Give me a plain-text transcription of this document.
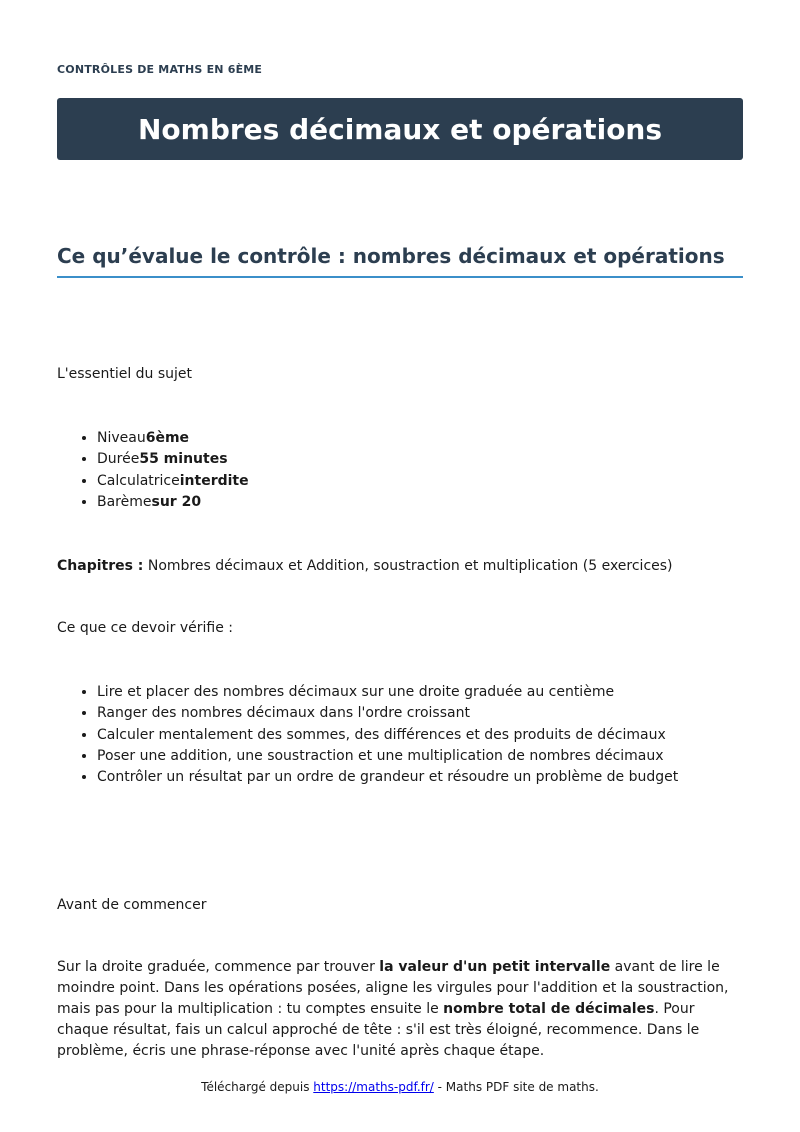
CONTRÔLES DE MATHS EN 6ÈME
Nombres décimaux et opérations
Ce qu’évalue le contrôle : nombres décimaux et opérations

L'essentiel du sujet

• Niveau6ème
• Durée55 minutes
• Calculatriceinterdite
• Barèmesur 20

Chapitres : Nombres décimaux et Addition, soustraction et multiplication (5 exercices)

Ce que ce devoir vérifie :

• Lire et placer des nombres décimaux sur une droite graduée au centième
• Ranger des nombres décimaux dans l'ordre croissant
• Calculer mentalement des sommes, des différences et des produits de décimaux
• Poser une addition, une soustraction et une multiplication de nombres décimaux
• Contrôler un résultat par un ordre de grandeur et résoudre un problème de budget

Avant de commencer

Sur la droite graduée, commence par trouver la valeur d'un petit intervalle avant de lire le moindre point. Dans les opérations posées, aligne les virgules pour l'addition et la soustraction, mais pas pour la multiplication : tu comptes ensuite le nombre total de décimales. Pour chaque résultat, fais un calcul approché de tête : s'il est très éloigné, recommence. Dans le problème, écris une phrase-réponse avec l'unité après chaque étape.

Téléchargé depuis https://maths-pdf.fr/ - Maths PDF site de maths.
